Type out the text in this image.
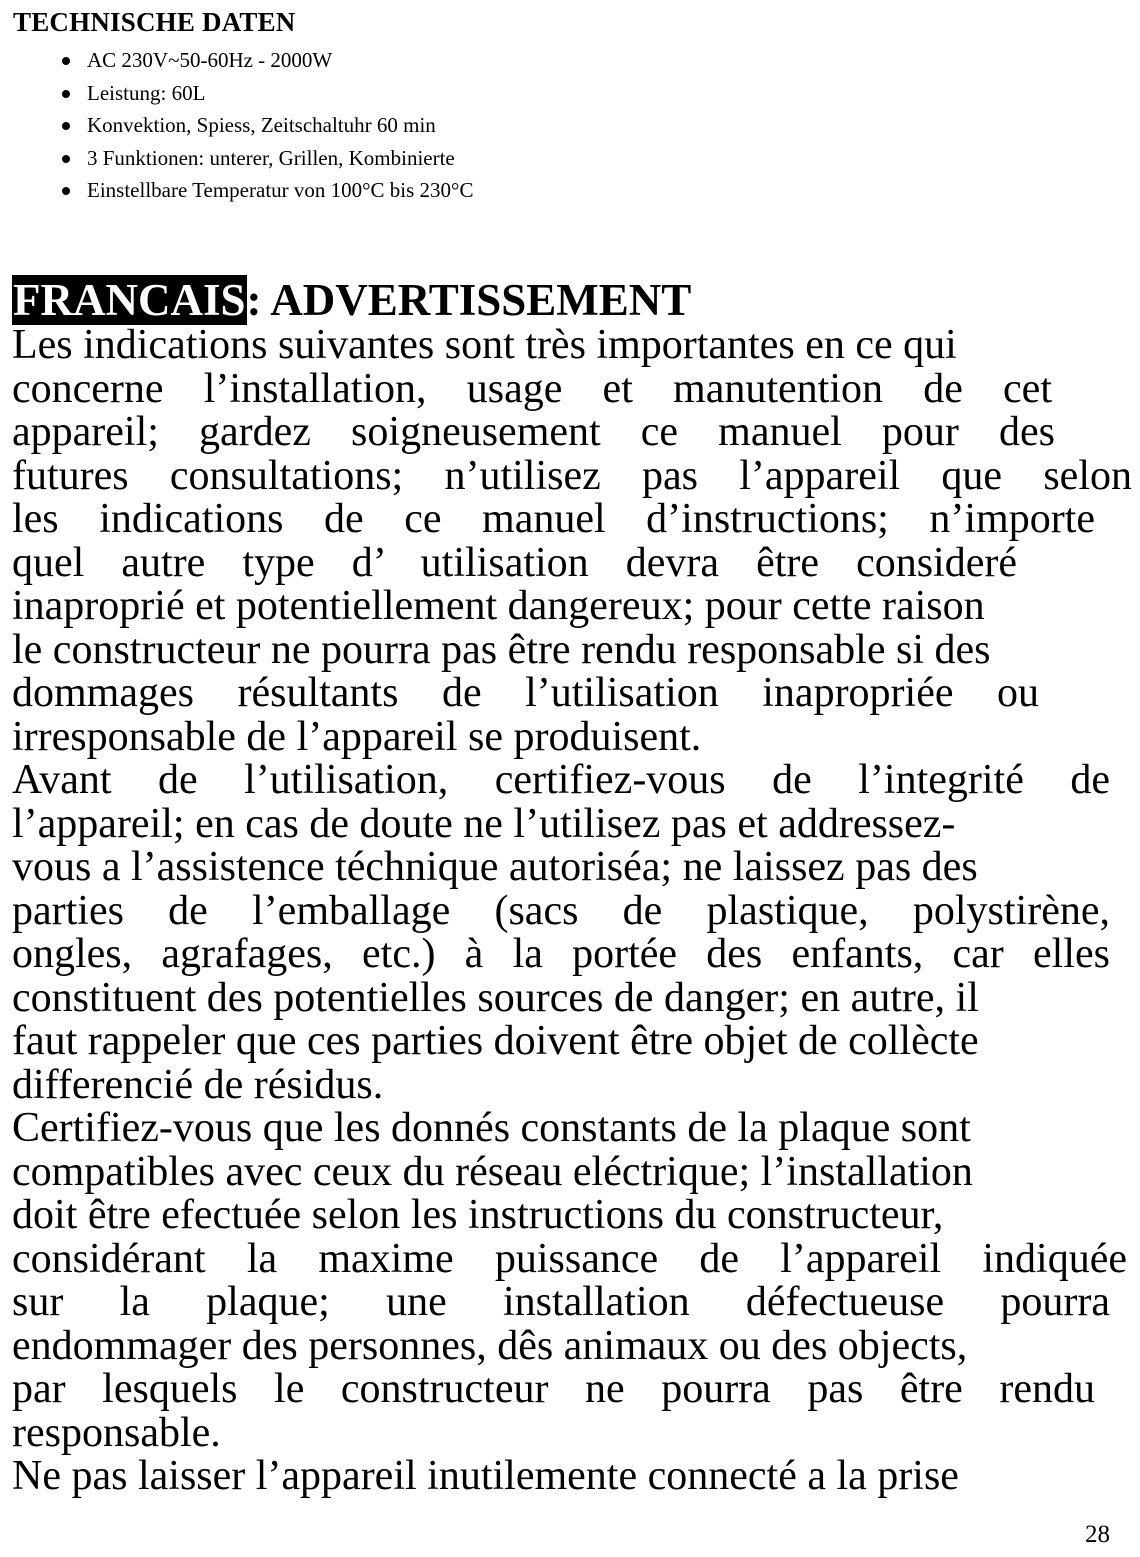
TECHNISCHE DATEN
AC 230V~50-60Hz - 2000W
Leistung: 60L
Konvektion, Spiess, Zeitschaltuhr 60 min
3 Funktionen: unterer, Grillen, Kombinierte
Einstellbare Temperatur von 100°C bis 230°C
FRANCAIS: ADVERTISSEMENT
Les indications suivantes sont très importantes en ce qui
concerne l’installation, usage et manutention de cet
appareil; gardez soigneusement ce manuel pour des
futures consultations; n’utilisez pas l’appareil que selon
les indications de ce manuel d’instructions; n’importe
quel autre type d’ utilisation devra être consideré
inaproprié et potentiellement dangereux; pour cette raison
le constructeur ne pourra pas être rendu responsable si des
dommages résultants de l’utilisation inapropriée ou
irresponsable de l’appareil se produisent.
Avant de l’utilisation, certifiez-vous de l’integrité de
l’appareil; en cas de doute ne l’utilisez pas et addressez-
vous a l’assistence téchnique autoriséa; ne laissez pas des
parties de l’emballage (sacs de plastique, polystirène,
ongles, agrafages, etc.) à la portée des enfants, car elles
constituent des potentielles sources de danger; en autre, il
faut rappeler que ces parties doivent être objet de collècte
differencié de résidus.
Certifiez-vous que les donnés constants de la plaque sont
compatibles avec ceux du réseau eléctrique; l’installation
doit être efectuée selon les instructions du constructeur,
considérant la maxime puissance de l’appareil indiquée
sur la plaque; une installation défectueuse pourra
endommager des personnes, dês animaux ou des objects,
par lesquels le constructeur ne pourra pas être rendu
responsable.
Ne pas laisser l’appareil inutilemente connecté a la prise
28
